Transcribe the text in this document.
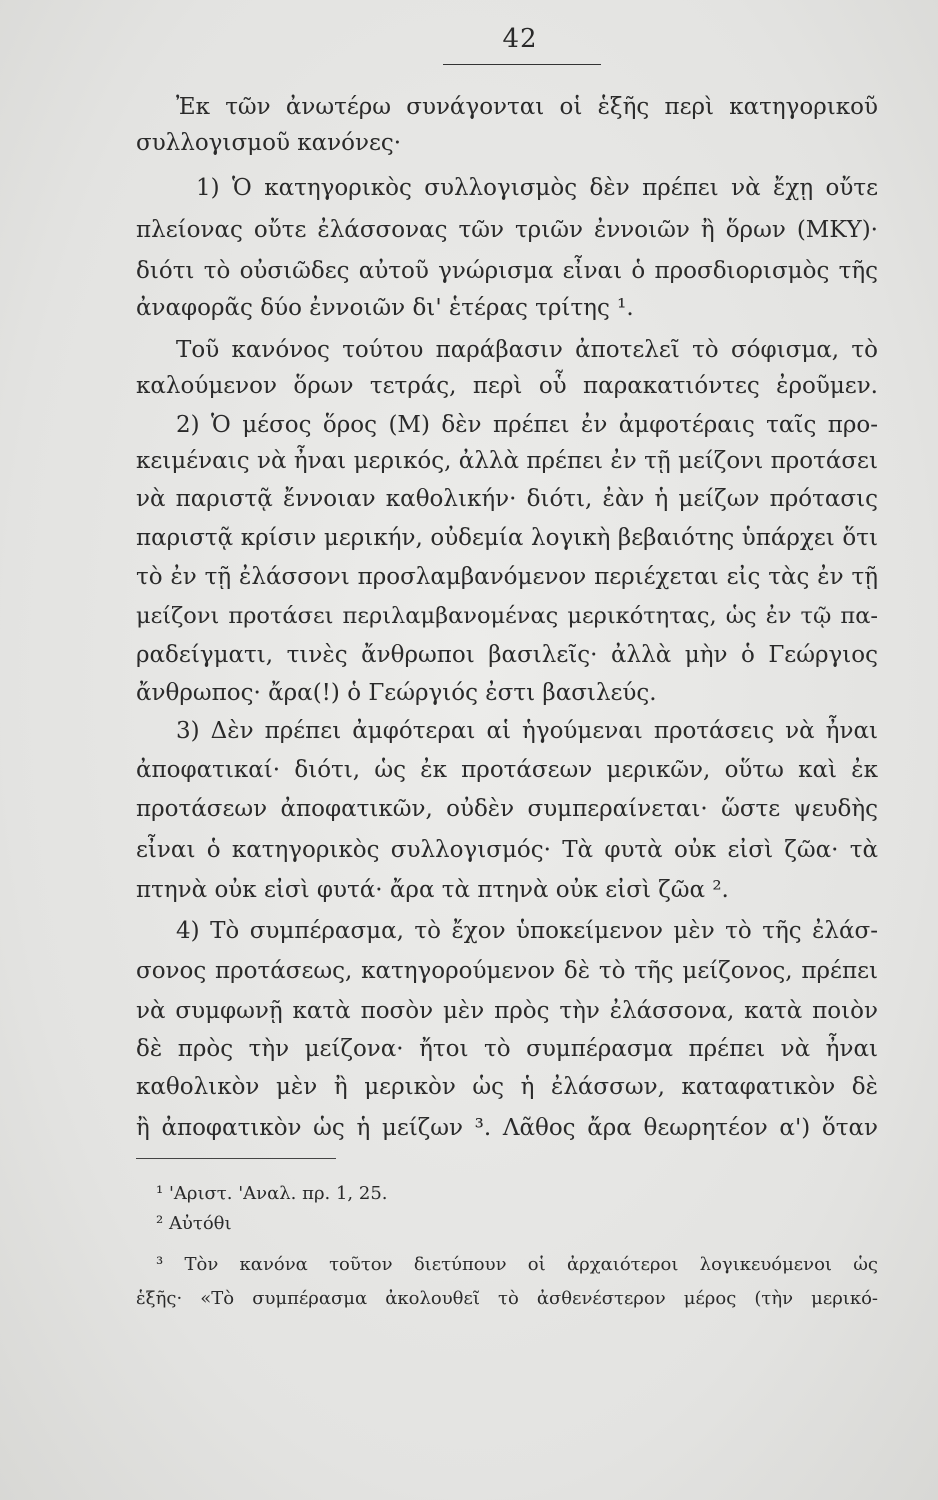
42
Ἐκ τῶν ἀνωτέρω συνάγονται οἱ ἑξῆς περὶ κατηγορικοῦ
συλλογισμοῦ κανόνες·
1) Ὁ κατηγορικὸς συλλογισμὸς δὲν πρέπει νὰ ἔχῃ οὔτε
πλείονας οὔτε ἐλάσσονας τῶν τριῶν ἐννοιῶν ἢ ὅρων (ΜΚΥ)·
διότι τὸ οὐσιῶδες αὐτοῦ γνώρισμα εἶναι ὁ προσδιορισμὸς τῆς
ἀναφορᾶς δύο ἐννοιῶν δι' ἑτέρας τρίτης ¹.
Τοῦ κανόνος τούτου παράβασιν ἀποτελεῖ τὸ σόφισμα, τὸ
καλούμενον ὅρων τετράς, περὶ οὗ παρακατιόντες ἐροῦμεν.
2) Ὁ μέσος ὅρος (Μ) δὲν πρέπει ἐν ἀμφοτέραις ταῖς προ-
κειμέναις νὰ ἦναι μερικός, ἀλλὰ πρέπει ἐν τῇ μείζονι προτάσει
νὰ παριστᾷ ἔννοιαν καθολικήν· διότι, ἐὰν ἡ μείζων πρότασις
παριστᾷ κρίσιν μερικήν, οὐδεμία λογικὴ βεβαιότης ὑπάρχει ὅτι
τὸ ἐν τῇ ἐλάσσονι προσλαμβανόμενον περιέχεται εἰς τὰς ἐν τῇ
μείζονι προτάσει περιλαμβανομένας μερικότητας, ὡς ἐν τῷ πα-
ραδείγματι, τινὲς ἄνθρωποι βασιλεῖς· ἀλλὰ μὴν ὁ Γεώργιος
ἄνθρωπος· ἄρα(!) ὁ Γεώργιός ἐστι βασιλεύς.
3) Δὲν πρέπει ἀμφότεραι αἱ ἡγούμεναι προτάσεις νὰ ἦναι
ἀποφατικαί· διότι, ὡς ἐκ προτάσεων μερικῶν, οὕτω καὶ ἐκ
προτάσεων ἀποφατικῶν, οὐδὲν συμπεραίνεται· ὥστε ψευδὴς
εἶναι ὁ κατηγορικὸς συλλογισμός· Τὰ φυτὰ οὐκ εἰσὶ ζῶα· τὰ
πτηνὰ οὐκ εἰσὶ φυτά· ἄρα τὰ πτηνὰ οὐκ εἰσὶ ζῶα ².
4) Τὸ συμπέρασμα, τὸ ἔχον ὑποκείμενον μὲν τὸ τῆς ἐλάσ-
σονος προτάσεως, κατηγορούμενον δὲ τὸ τῆς μείζονος, πρέπει
νὰ συμφωνῇ κατὰ ποσὸν μὲν πρὸς τὴν ἐλάσσονα, κατὰ ποιὸν
δὲ πρὸς τὴν μείζονα· ἤτοι τὸ συμπέρασμα πρέπει νὰ ἦναι
καθολικὸν μὲν ἢ μερικὸν ὡς ἡ ἐλάσσων, καταφατικὸν δὲ
ἢ ἀποφατικὸν ὡς ἡ μείζων ³. Λᾶθος ἄρα θεωρητέον α') ὅταν
¹ 'Αριστ. 'Αναλ. πρ. 1, 25.
² Αὐτόθι
³ Τὸν κανόνα τοῦτον διετύπουν οἱ ἀρχαιότεροι λογικευόμενοι ὡς
ἑξῆς· «Τὸ συμπέρασμα ἀκολουθεῖ τὸ ἀσθενέστερον μέρος (τὴν μερικό-
